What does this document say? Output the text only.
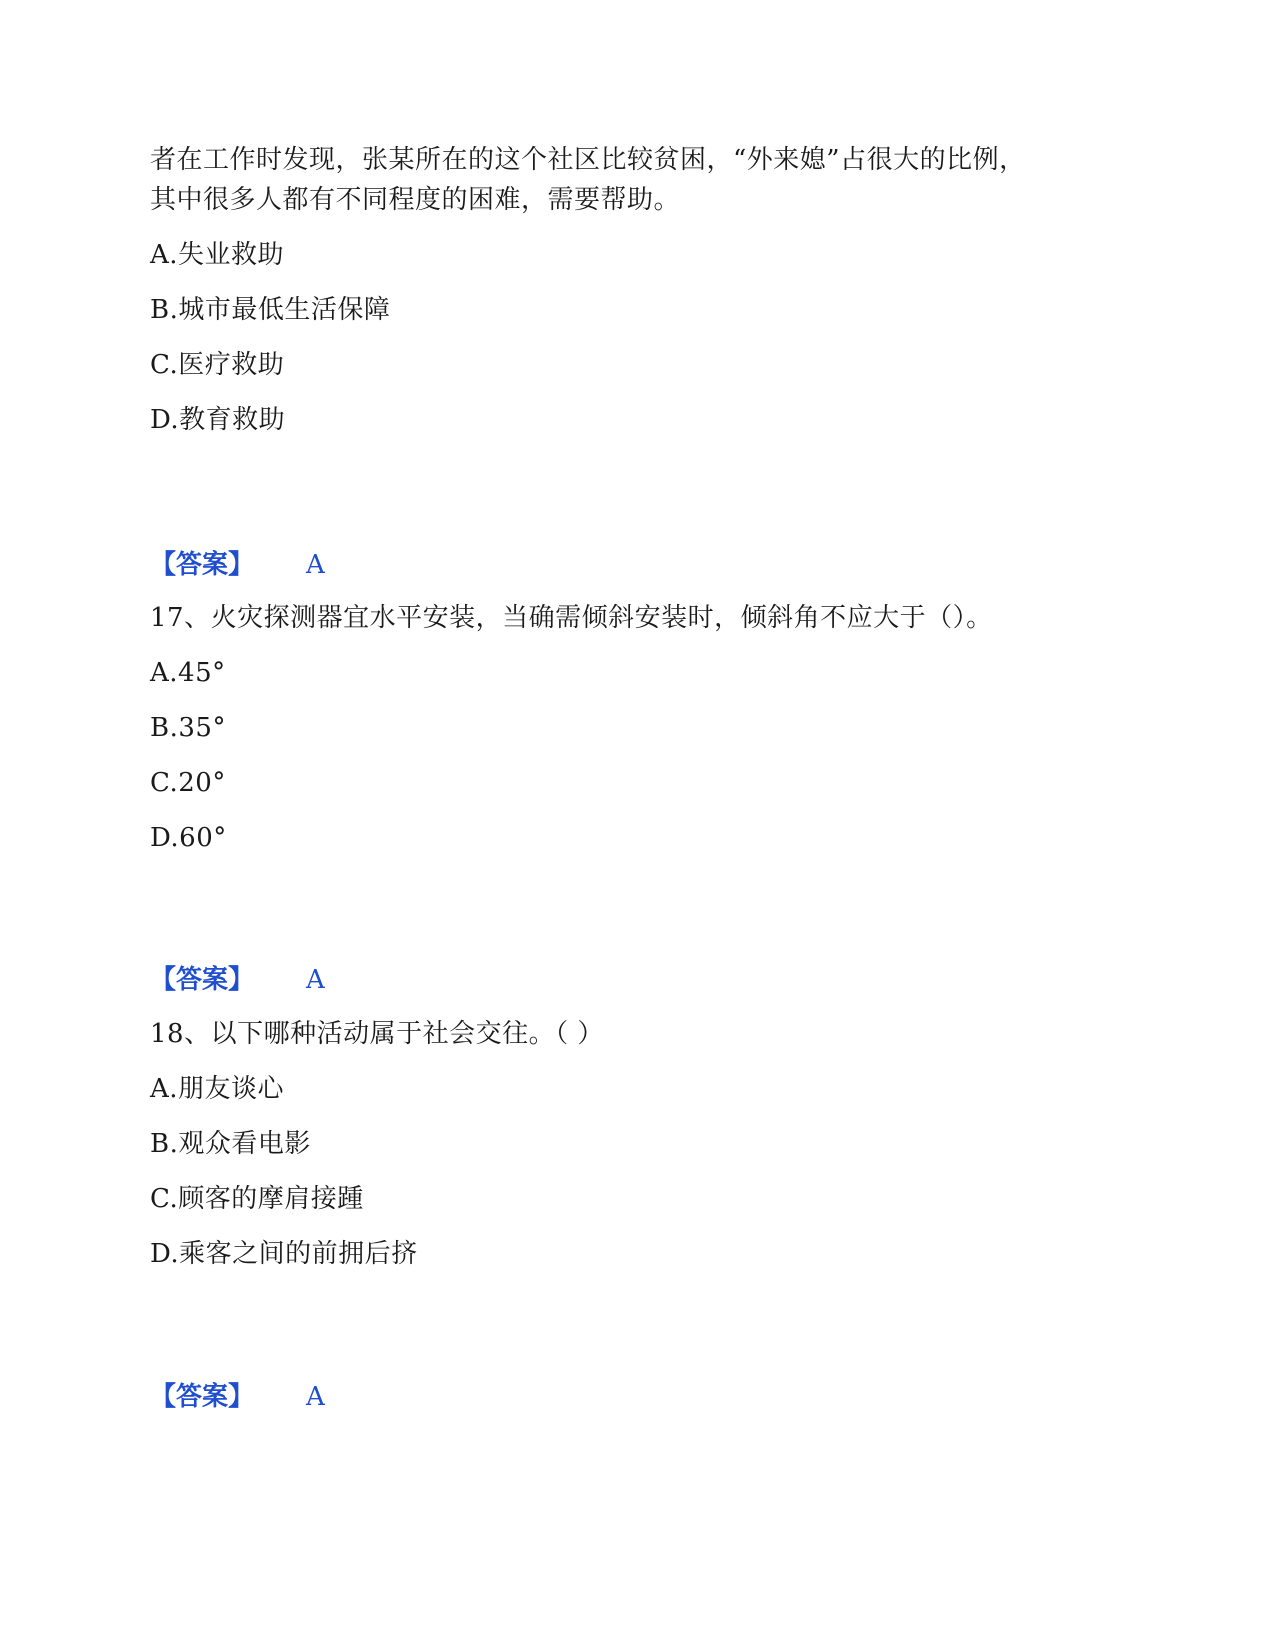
者在工作时发现，张某所在的这个社区比较贫困，“外来媳”占很大的比例，
其中很多人都有不同程度的困难，需要帮助。
A.失业救助
B.城市最低生活保障
C.医疗救助
D.教育救助
【答案】 A
17、火灾探测器宜水平安装，当确需倾斜安装时，倾斜角不应大于（）。
A.45°
B.35°
C.20°
D.60°
【答案】 A
18、以下哪种活动属于社会交往。（ ）
A.朋友谈心
B.观众看电影
C.顾客的摩肩接踵
D.乘客之间的前拥后挤
【答案】 A
